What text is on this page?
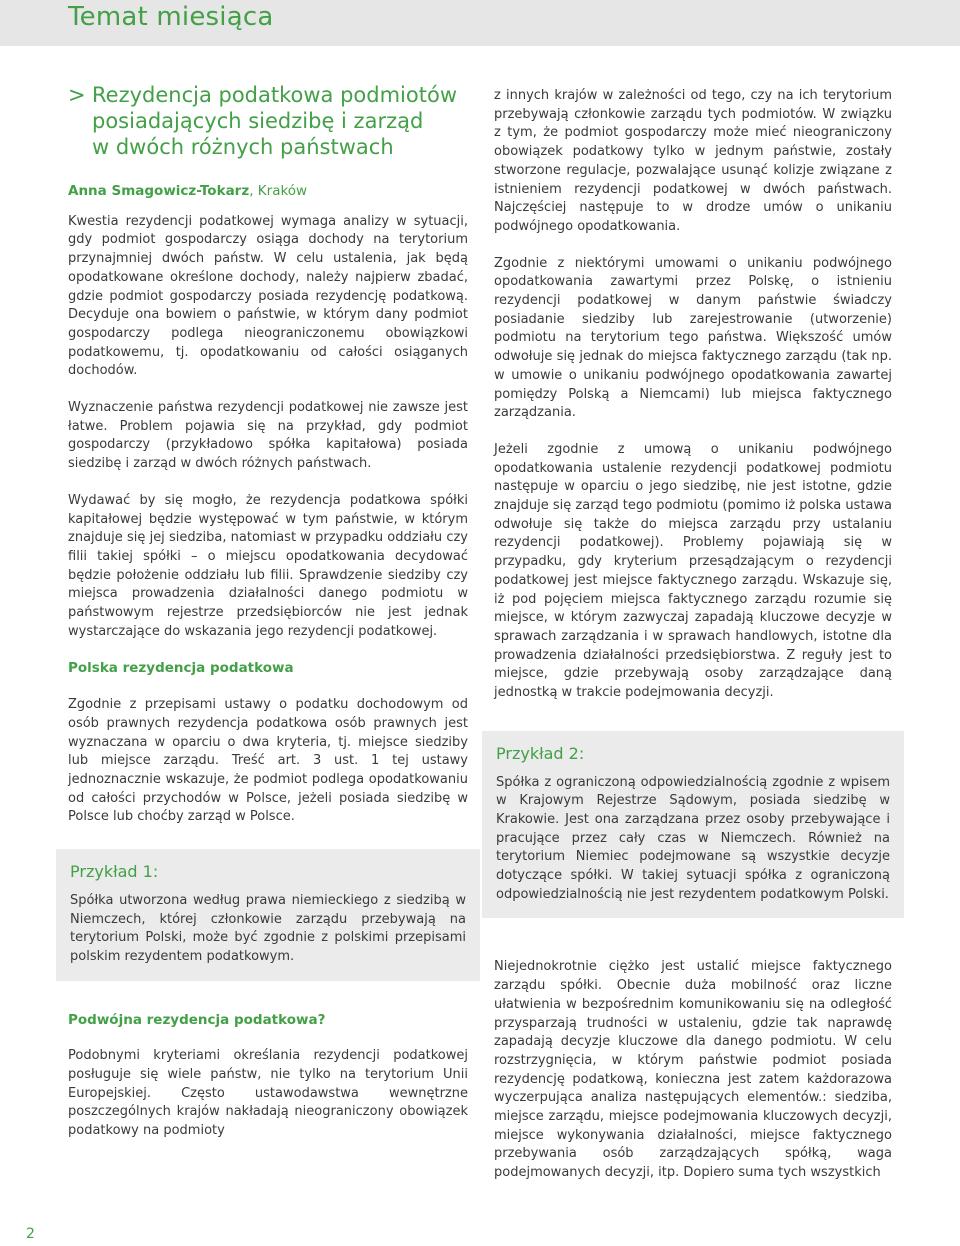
Temat miesiąca
> Rezydencja podatkowa podmiotów
posiadających siedzibę i zarząd
w dwóch różnych państwach
Anna Smagowicz-Tokarz, Kraków

Kwestia rezydencji podatkowej wymaga analizy w sytuacji, gdy podmiot gospodarczy osiąga dochody na terytorium przynajmniej dwóch państw. W celu ustalenia, jak będą opodatkowane określone dochody, należy najpierw zbadać, gdzie podmiot gospodarczy posiada rezydencję podatkową. Decyduje ona bowiem o państwie, w którym dany podmiot gospodarczy podlega nieograniczonemu obowiązkowi podatkowemu, tj. opodatkowaniu od całości osiąganych dochodów.

Wyznaczenie państwa rezydencji podatkowej nie zawsze jest łatwe. Problem pojawia się na przykład, gdy podmiot gospodarczy (przykładowo spółka kapitałowa) posiada siedzibę i zarząd w dwóch różnych państwach.

Wydawać by się mogło, że rezydencja podatkowa spółki kapitałowej będzie występować w tym państwie, w którym znajduje się jej siedziba, natomiast w przypadku oddziału czy filii takiej spółki – o miejscu opodatkowania decydować będzie położenie oddziału lub filii. Sprawdzenie siedziby czy miejsca prowadzenia działalności danego podmiotu w państwowym rejestrze przedsiębiorców nie jest jednak wystarczające do wskazania jego rezydencji podatkowej.

Polska rezydencja podatkowa

Zgodnie z przepisami ustawy o podatku dochodowym od osób prawnych rezydencja podatkowa osób prawnych jest wyznaczana w oparciu o dwa kryteria, tj. miejsce siedziby lub miejsce zarządu. Treść art. 3 ust. 1 tej ustawy jednoznacznie wskazuje, że podmiot podlega opodatkowaniu od całości przychodów w Polsce, jeżeli posiada siedzibę w Polsce lub choćby zarząd w Polsce.

Przykład 1:

Spółka utworzona według prawa niemieckiego z siedzibą w Niemczech, której członkowie zarządu przebywają na terytorium Polski, może być zgodnie z polskimi przepisami polskim rezydentem podatkowym.

Podwójna rezydencja podatkowa?

Podobnymi kryteriami określania rezydencji podatkowej posługuje się wiele państw, nie tylko na terytorium Unii Europejskiej. Często ustawodawstwa wewnętrzne poszczególnych krajów nakładają nieograniczony obowiązek podatkowy na podmioty

z innych krajów w zależności od tego, czy na ich terytorium przebywają członkowie zarządu tych podmiotów. W związku z tym, że podmiot gospodarczy może mieć nieograniczony obowiązek podatkowy tylko w jednym państwie, zostały stworzone regulacje, pozwalające usunąć kolizje związane z istnieniem rezydencji podatkowej w dwóch państwach. Najczęściej następuje to w drodze umów o unikaniu podwójnego opodatkowania.

Zgodnie z niektórymi umowami o unikaniu podwójnego opodatkowania zawartymi przez Polskę, o istnieniu rezydencji podatkowej w danym państwie świadczy posiadanie siedziby lub zarejestrowanie (utworzenie) podmiotu na terytorium tego państwa. Większość umów odwołuje się jednak do miejsca faktycznego zarządu (tak np. w umowie o unikaniu podwójnego opodatkowania zawartej pomiędzy Polską a Niemcami) lub miejsca faktycznego zarządzania.

Jeżeli zgodnie z umową o unikaniu podwójnego opodatkowania ustalenie rezydencji podatkowej podmiotu następuje w oparciu o jego siedzibę, nie jest istotne, gdzie znajduje się zarząd tego podmiotu (pomimo iż polska ustawa odwołuje się także do miejsca zarządu przy ustalaniu rezydencji podatkowej). Problemy pojawiają się w przypadku, gdy kryterium przesądzającym o rezydencji podatkowej jest miejsce faktycznego zarządu. Wskazuje się, iż pod pojęciem miejsca faktycznego zarządu rozumie się miejsce, w którym zazwyczaj zapadają kluczowe decyzje w sprawach zarządzania i w sprawach handlowych, istotne dla prowadzenia działalności przedsiębiorstwa. Z reguły jest to miejsce, gdzie przebywają osoby zarządzające daną jednostką w trakcie podejmowania decyzji.

Przykład 2:

Spółka z ograniczoną odpowiedzialnością zgodnie z wpisem w Krajowym Rejestrze Sądowym, posiada siedzibę w Krakowie. Jest ona zarządzana przez osoby przebywające i pracujące przez cały czas w Niemczech. Również na terytorium Niemiec podejmowane są wszystkie decyzje dotyczące spółki. W takiej sytuacji spółka z ograniczoną odpowiedzialnością nie jest rezydentem podatkowym Polski.

Niejednokrotnie ciężko jest ustalić miejsce faktycznego zarządu spółki. Obecnie duża mobilność oraz liczne ułatwienia w bezpośrednim komunikowaniu się na odległość przysparzają trudności w ustaleniu, gdzie tak naprawdę zapadają decyzje kluczowe dla danego podmiotu. W celu rozstrzygnięcia, w którym państwie podmiot posiada rezydencję podatkową, konieczna jest zatem każdorazowa wyczerpująca analiza następujących elementów.: siedziba, miejsce zarządu, miejsce podejmowania kluczowych decyzji, miejsce wykonywania działalności, miejsce faktycznego przebywania osób zarządzających spółką, waga podejmowanych decyzji, itp. Dopiero suma tych wszystkich

2
